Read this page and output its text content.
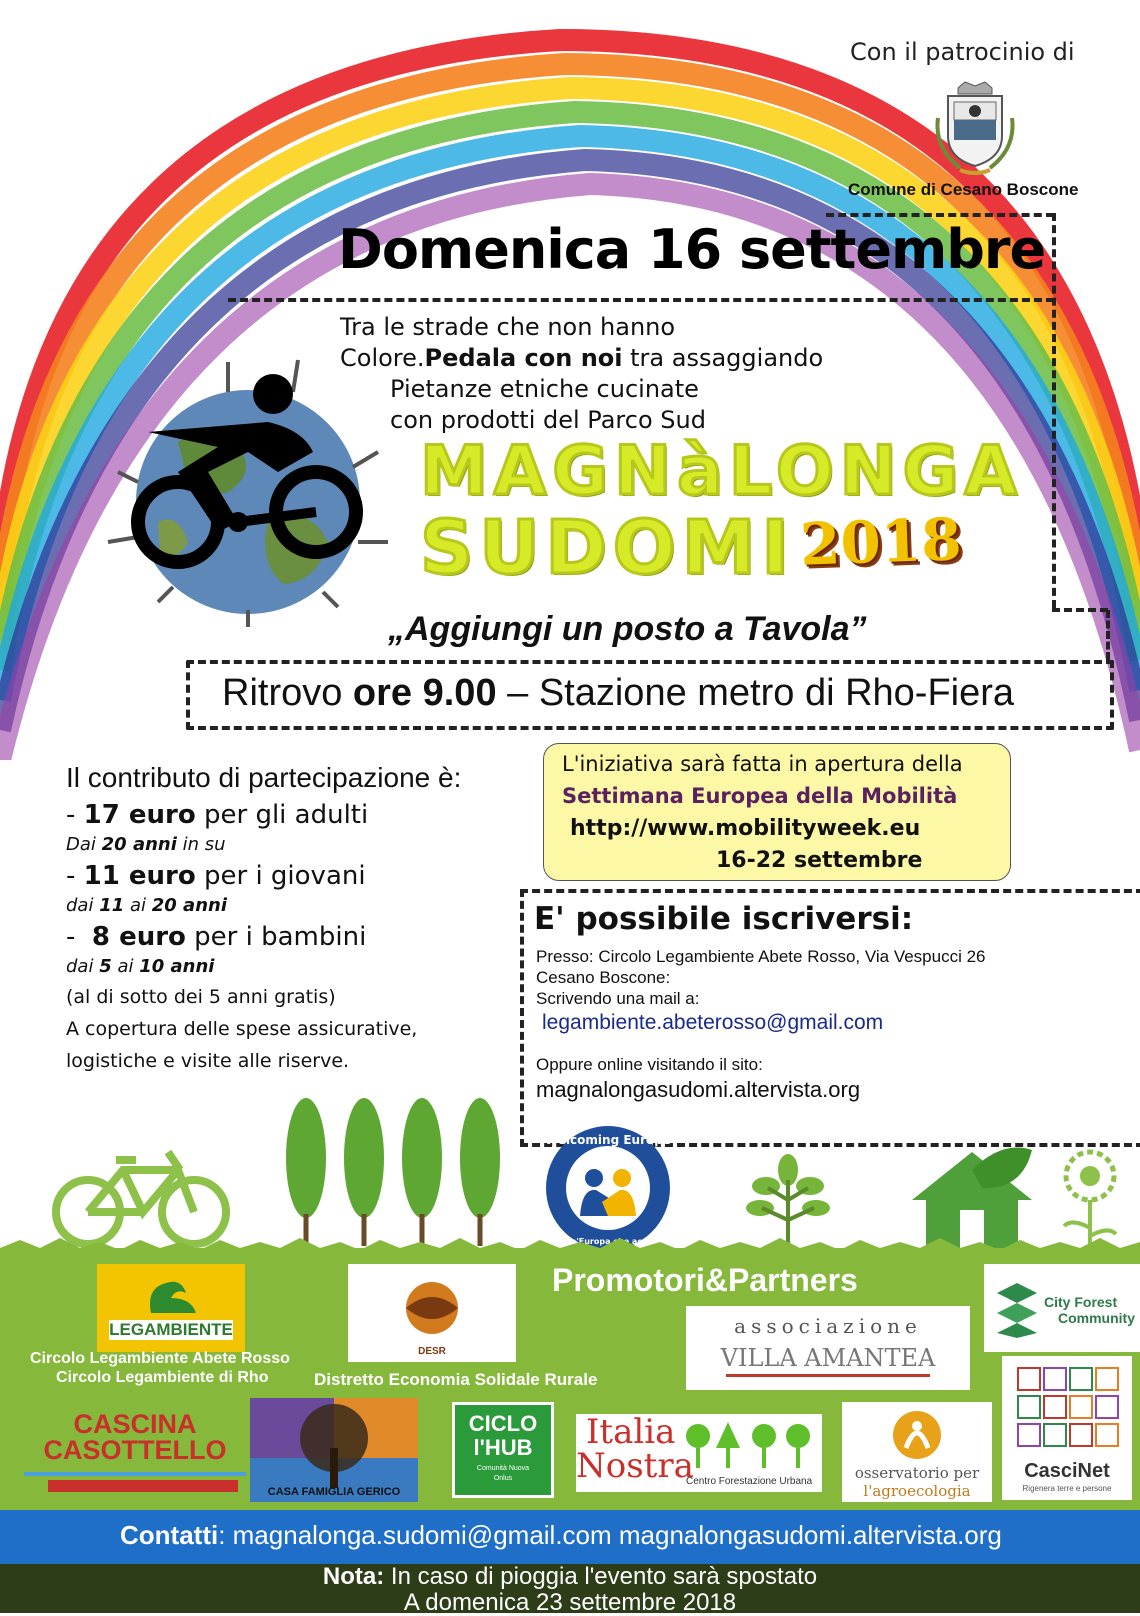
Con il patrocinio di
Comune di Cesano Boscone
Domenica 16 settembre
Tra le strade che non hanno
Colore.Pedala con noi tra assaggiando
Pietanze etniche cucinate
con prodotti del Parco Sud
MAGNàLONGA
SUDOMI 2018
„Aggiungi un posto a Tavola”
Ritrovo ore 9.00 – Stazione metro di Rho-Fiera
Il contributo di partecipazione è:
- 17 euro per gli adulti
Dai 20 anni in su
- 11 euro per i giovani
dai 11 ai 20 anni
-  8 euro per i bambini
dai 5 ai 10 anni
(al di sotto dei 5 anni gratis)
A copertura delle spese assicurative,
logistiche e visite alle riserve.
L'iniziativa sarà fatta in apertura della
Settimana Europea della Mobilità
http://www.mobilityweek.eu
16-22 settembre
E' possibile iscriversi:
Presso: Circolo Legambiente Abete Rosso, Via Vespucci 26
Cesano Boscone:
Scrivendo una mail a:
legambiente.abeterosso@gmail.com
Oppure online visitando il sito:
magnalongasudomi.altervista.org
Welcoming Europe
per un'Europa che accoglie
Promotori&Partners
LEGAMBIENTE
Circolo Legambiente Abete Rosso
Circolo Legambiente di Rho
DESR
Distretto Economia Solidale Rurale
associazione
VILLA AMANTEA
City Forest
Community
CASCINA
CASOTTELLO
CASA FAMIGLIA GERICO
CICLO
l'HUB
Comunità Nuova
Onlus
Italia
Nostra
Centro Forestazione Urbana	osservatorio per
l'agroecologia
CasciNet
Rigenera terre e persone
Contatti: magnalonga.sudomi@gmail.com magnalongasudomi.altervista.org
Nota: In caso di pioggia l'evento sarà spostato
A domenica 23 settembre 2018
